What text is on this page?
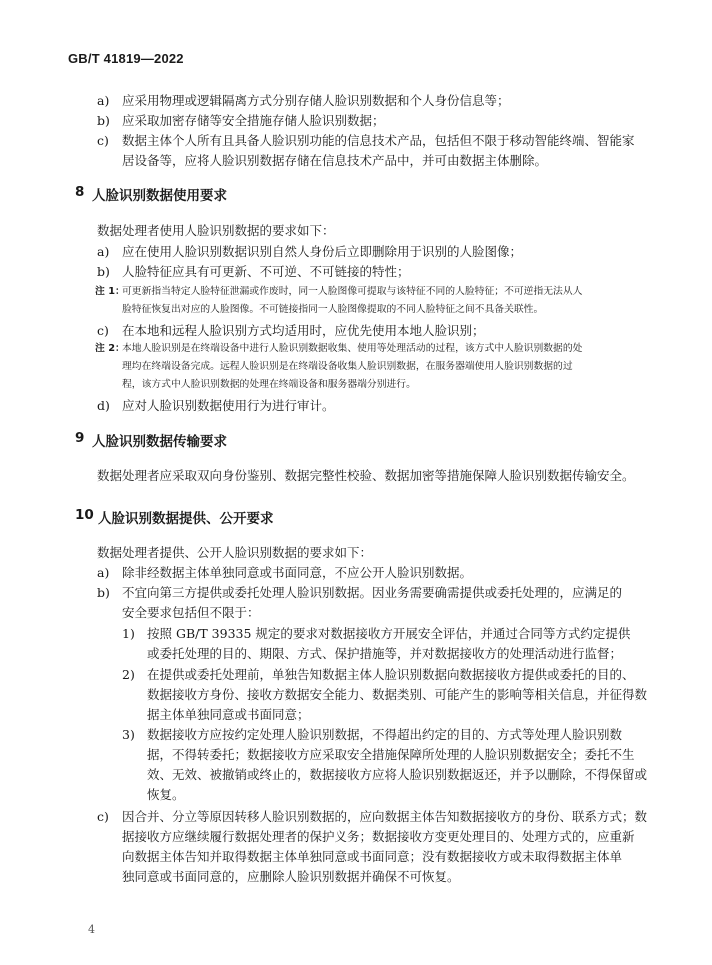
GB/T 41819—2022
a) 应采用物理或逻辑隔离方式分别存储人脸识别数据和个人身份信息等；
b) 应采取加密存储等安全措施存储人脸识别数据；
c) 数据主体个人所有且具备人脸识别功能的信息技术产品，包括但不限于移动智能终端、智能家
居设备等，应将人脸识别数据存储在信息技术产品中，并可由数据主体删除。
8 人脸识别数据使用要求
数据处理者使用人脸识别数据的要求如下：
a) 应在使用人脸识别数据识别自然人身份后立即删除用于识别的人脸图像；
b) 人脸特征应具有可更新、不可逆、不可链接的特性；
注 1：
可更新指当特定人脸特征泄漏或作废时，同一人脸图像可提取与该特征不同的人脸特征；不可逆指无法从人
脸特征恢复出对应的人脸图像。不可链接指同一人脸图像提取的不同人脸特征之间不具备关联性。
c) 在本地和远程人脸识别方式均适用时，应优先使用本地人脸识别；
注 2：
本地人脸识别是在终端设备中进行人脸识别数据收集、使用等处理活动的过程，该方式中人脸识别数据的处
理均在终端设备完成。远程人脸识别是在终端设备收集人脸识别数据，在服务器端使用人脸识别数据的过
程，该方式中人脸识别数据的处理在终端设备和服务器端分别进行。
d) 应对人脸识别数据使用行为进行审计。
9 人脸识别数据传输要求
数据处理者应采取双向身份鉴别、数据完整性校验、数据加密等措施保障人脸识别数据传输安全。
10 人脸识别数据提供、公开要求
数据处理者提供、公开人脸识别数据的要求如下：
a) 除非经数据主体单独同意或书面同意，不应公开人脸识别数据。
b) 不宜向第三方提供或委托处理人脸识别数据。因业务需要确需提供或委托处理的，应满足的
安全要求包括但不限于：
1) 按照 GB/T 39335 规定的要求对数据接收方开展安全评估，并通过合同等方式约定提供
或委托处理的目的、期限、方式、保护措施等，并对数据接收方的处理活动进行监督；
2) 在提供或委托处理前，单独告知数据主体人脸识别数据向数据接收方提供或委托的目的、
数据接收方身份、接收方数据安全能力、数据类别、可能产生的影响等相关信息，并征得数
据主体单独同意或书面同意；
3) 数据接收方应按约定处理人脸识别数据，不得超出约定的目的、方式等处理人脸识别数
据，不得转委托；数据接收方应采取安全措施保障所处理的人脸识别数据安全；委托不生
效、无效、被撤销或终止的，数据接收方应将人脸识别数据返还，并予以删除，不得保留或
恢复。
c) 因合并、分立等原因转移人脸识别数据的，应向数据主体告知数据接收方的身份、联系方式；数
据接收方应继续履行数据处理者的保护义务；数据接收方变更处理目的、处理方式的，应重新
向数据主体告知并取得数据主体单独同意或书面同意；没有数据接收方或未取得数据主体单
独同意或书面同意的，应删除人脸识别数据并确保不可恢复。
4
